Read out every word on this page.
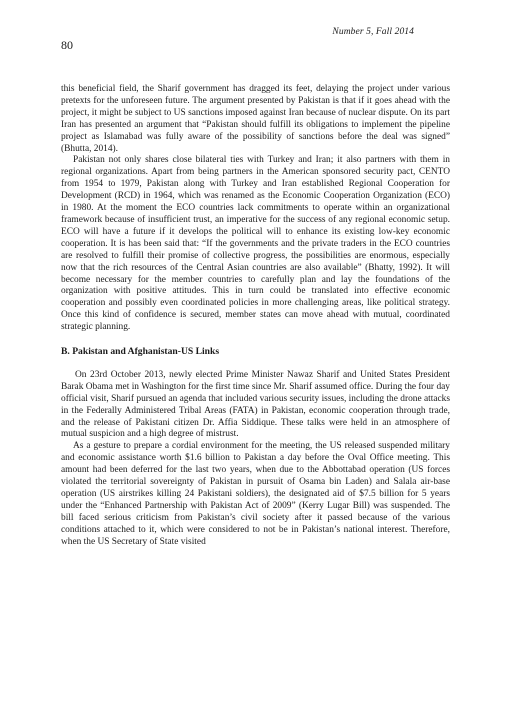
Number 5, Fall 2014
80

this beneficial field, the Sharif government has dragged its feet, delaying the project under various pretexts for the unforeseen future. The argument presented by Pakistan is that if it goes ahead with the project, it might be subject to US sanctions imposed against Iran because of nuclear dispute. On its part Iran has presented an argument that “Pakistan should fulfill its obligations to implement the pipeline project as Islamabad was fully aware of the possibility of sanctions before the deal was signed” (Bhutta, 2014).

Pakistan not only shares close bilateral ties with Turkey and Iran; it also partners with them in regional organizations. Apart from being partners in the American sponsored security pact, CENTO from 1954 to 1979, Pakistan along with Turkey and Iran established Regional Cooperation for Development (RCD) in 1964, which was renamed as the Economic Cooperation Organization (ECO) in 1980. At the moment the ECO countries lack commitments to operate within an organizational framework because of insufficient trust, an imperative for the success of any regional economic setup. ECO will have a future if it develops the political will to enhance its existing low-key economic cooperation. It is has been said that: “If the governments and the private traders in the ECO countries are resolved to fulfill their promise of collective progress, the possibilities are enormous, especially now that the rich resources of the Central Asian countries are also available” (Bhatty, 1992). It will become necessary for the member countries to carefully plan and lay the foundations of the organization with positive attitudes. This in turn could be translated into effective economic cooperation and possibly even coordinated policies in more challenging areas, like political strategy. Once this kind of confidence is secured, member states can move ahead with mutual, coordinated strategic planning.

B. Pakistan and Afghanistan-US Links

On 23rd October 2013, newly elected Prime Minister Nawaz Sharif and United States President Barak Obama met in Washington for the first time since Mr. Sharif assumed office. During the four day official visit, Sharif pursued an agenda that included various security issues, including the drone attacks in the Federally Administered Tribal Areas (FATA) in Pakistan, economic cooperation through trade, and the release of Pakistani citizen Dr. Affia Siddique. These talks were held in an atmosphere of mutual suspicion and a high degree of mistrust.

As a gesture to prepare a cordial environment for the meeting, the US released suspended military and economic assistance worth $1.6 billion to Pakistan a day before the Oval Office meeting. This amount had been deferred for the last two years, when due to the Abbottabad operation (US forces violated the territorial sovereignty of Pakistan in pursuit of Osama bin Laden) and Salala air-base operation (US airstrikes killing 24 Pakistani soldiers), the designated aid of $7.5 billion for 5 years under the “Enhanced Partnership with Pakistan Act of 2009” (Kerry Lugar Bill) was suspended. The bill faced serious criticism from Pakistan’s civil society after it passed because of the various conditions attached to it, which were considered to not be in Pakistan’s national interest. Therefore, when the US Secretary of State visited
